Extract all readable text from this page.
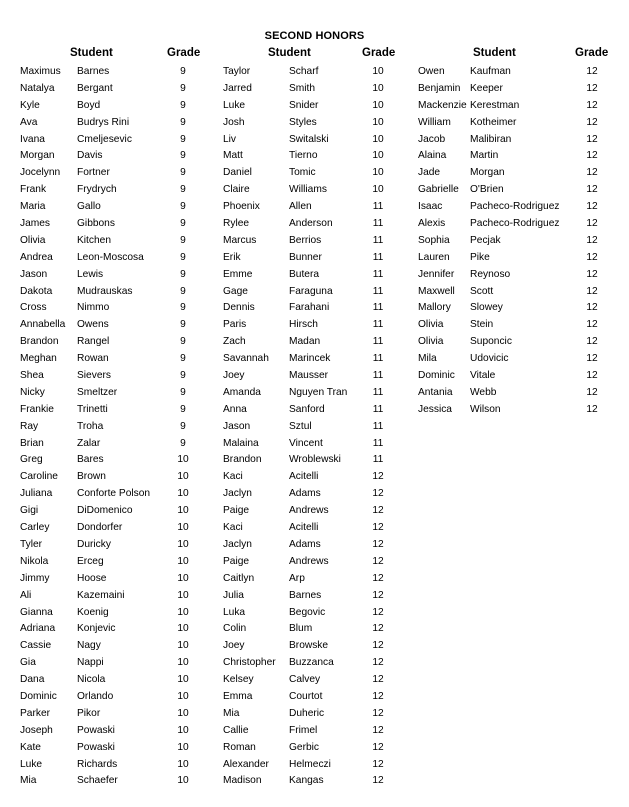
SECOND HONORS
Student	Grade
Maximus Barnes	9
Natalya Bergant	9
Kyle	Boyd	9
Ava	Budrys Rini	9
Ivana	Cmeljesevic	9
Morgan Davis	9
Jocelynn Fortner	9
Frank	Frydrych	9
Maria	Gallo	9
James	Gibbons	9
Olivia	Kitchen	9
Andrea Leon-Moscosa	9
Jason	Lewis	9
Dakota Mudrauskas	9
Cross	Nimmo	9
Annabella Owens	9
Brandon Rangel	9
Meghan Rowan	9
Shea	Sievers	9
Nicky	Smeltzer	9
Frankie Trinetti	9
Ray	Troha	9
Brian	Zalar	9
Greg	Bares	10
Caroline Brown	10
Juliana Conforte Polson	10
Gigi	DiDomenico	10
Carley	Dondorfer	10
Tyler	Duricky	10
Nikola	Erceg	10
Jimmy	Hoose	10
Ali	Kazemaini	10
Gianna Koenig	10
Adriana Konjevic	10
Cassie	Nagy	10
Gia	Nappi	10
Dana	Nicola	10
Dominic Orlando	10
Parker	Pikor	10
Joseph Powaski	10
Kate	Powaski	10
Luke	Richards	10
Mia	Schaefer	10
Student	Grade
Taylor	Scharf	10
Jarred	Smith	10
Luke	Snider	10
Josh	Styles	10
Liv	Switalski	10
Matt	Tierno	10
Daniel	Tomic	10
Claire	Williams	10
Phoenix	Allen	11
Rylee	Anderson	11
Marcus	Berrios	11
Erik	Bunner	11
Emme	Butera	11
Gage	Faraguna	11
Dennis	Farahani	11
Paris	Hirsch	11
Zach	Madan	11
Savannah Marincek	11
Joey	Mausser	11
Amanda	Nguyen Tran	11
Anna	Sanford	11
Jason	Sztul	11
Malaina	Vincent	11
Brandon	Wroblewski	11
Kaci	Acitelli	12
Jaclyn	Adams	12
Paige	Andrews	12
Kaci	Acitelli	12
Jaclyn	Adams	12
Paige	Andrews	12
Caitlyn	Arp	12
Julia	Barnes	12
Luka	Begovic	12
Colin	Blum	12
Joey	Browske	12
Christopher Buzzanca	12
Kelsey	Calvey	12
Emma	Courtot	12
Mia	Duheric	12
Callie	Frimel	12
Roman	Gerbic	12
Alexander Helmeczi	12
Madison	Kangas	12
Student	Grade
Owen Kaufman	12
Benjamin Keeper	12
Mackenzie Kerestman	12
William Kotheimer	12
Jacob Malibiran	12
Alaina Martin	12
Jade	Morgan	12
Gabrielle O'Brien	12
Isaac	Pacheco-Rodriguez	12
Alexis Pacheco-Rodriguez	12
Sophia Pecjak	12
Lauren Pike	12
Jennifer Reynoso	12
Maxwell Scott	12
Mallory Slowey	12
Olivia	Stein	12
Olivia	Suponcic	12
Mila	Udovicic	12
Dominic Vitale	12
Antania Webb	12
Jessica Wilson	12
